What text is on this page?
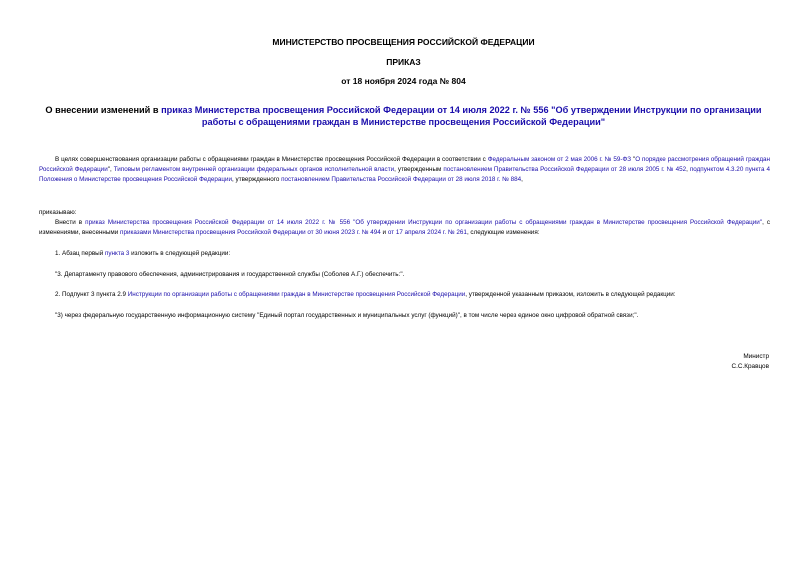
МИНИСТЕРСТВО ПРОСВЕЩЕНИЯ РОССИЙСКОЙ ФЕДЕРАЦИИ
ПРИКАЗ
от 18 ноября 2024 года № 804
О внесении изменений в приказ Министерства просвещения Российской Федерации от 14 июля 2022 г. № 556 "Об утверждении Инструкции по организации работы с обращениями граждан в Министерстве просвещения Российской Федерации"
В целях совершенствования организации работы с обращениями граждан в Министерстве просвещения Российской Федерации в соответствии с Федеральным законом от 2 мая 2006 г. № 59-ФЗ "О порядке рассмотрения обращений граждан Российской Федерации", Типовым регламентом внутренней организации федеральных органов исполнительной власти, утвержденным постановлением Правительства Российской Федерации от 28 июля 2005 г. № 452, подпунктом 4.3.20 пункта 4 Положения о Министерстве просвещения Российской Федерации, утвержденного постановлением Правительства Российской Федерации от 28 июля 2018 г. № 884,
приказываю:
Внести в приказ Министерства просвещения Российской Федерации от 14 июля 2022 г. № 556 "Об утверждении Инструкции по организации работы с обращениями граждан в Министерстве просвещения Российской Федерации", с изменениями, внесенными приказами Министерства просвещения Российской Федерации от 30 июня 2023 г. № 494 и от 17 апреля 2024 г. № 261, следующие изменения:
1. Абзац первый пункта 3 изложить в следующей редакции:
"3. Департаменту правового обеспечения, администрирования и государственной службы (Соболев А.Г.) обеспечить:".
2. Подпункт 3 пункта 2.9 Инструкции по организации работы с обращениями граждан в Министерстве просвещения Российской Федерации, утвержденной указанным приказом, изложить в следующей редакции:
"3) через федеральную государственную информационную систему "Единый портал государственных и муниципальных услуг (функций)", в том числе через единое окно цифровой обратной связи;".
Министр
С.С.Кравцов
